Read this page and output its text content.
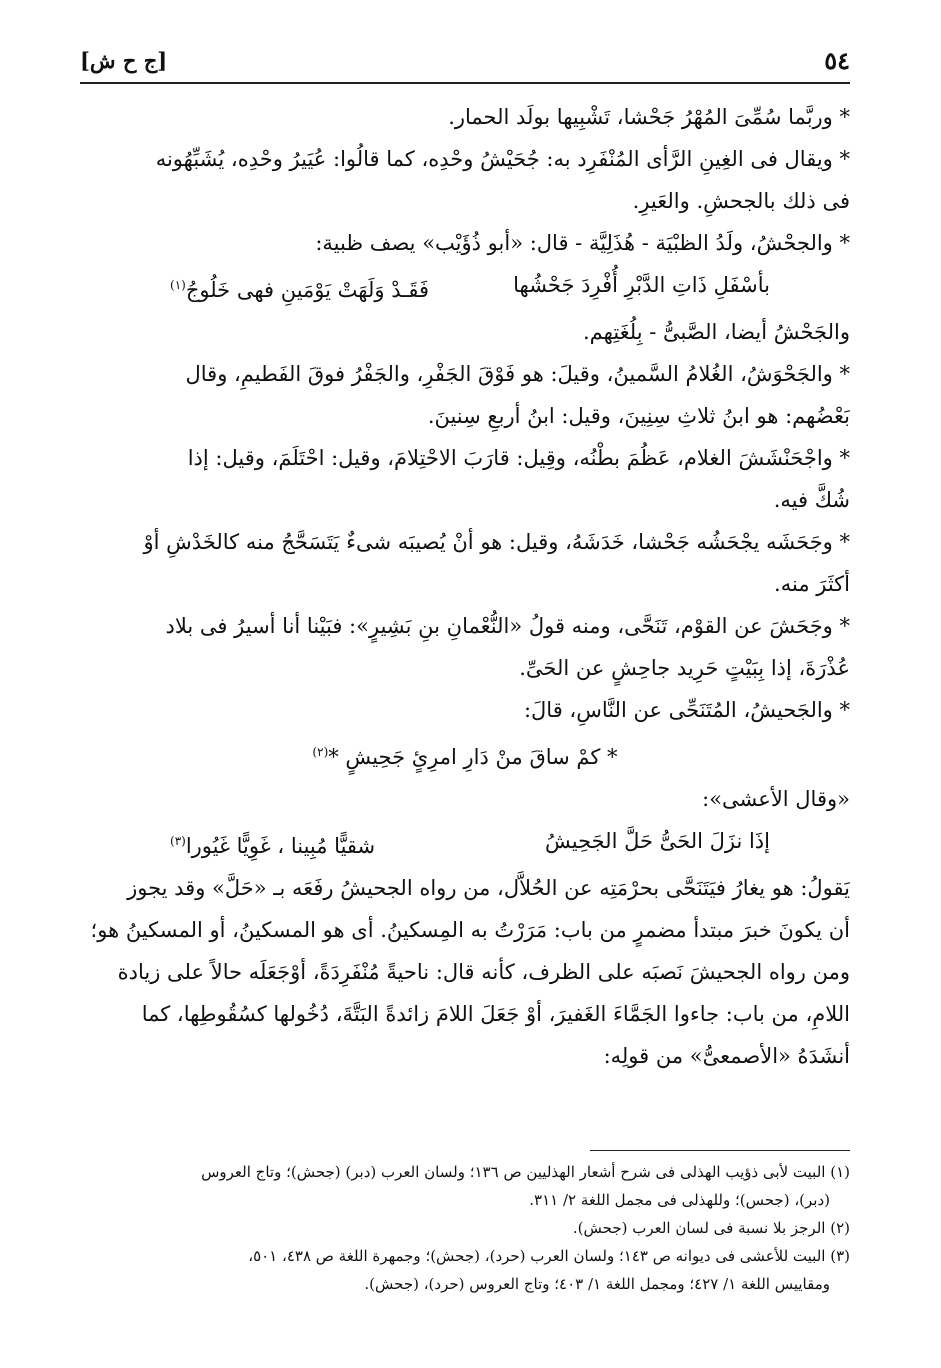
[ج ح ش]	٥٤
* وربَّما سُمِّىَ المُهْرُ جَحْشا، تَشْبِيها بولَد الحمار.
* ويقال فى الغِينِ الرَّأى المُنْفَرِد به: جُحَيْشُ وحْدِه، كما قالُوا: عُيَيرُ وحْدِه، يُشَبِّهُونه
فى ذلك بالجحشِ. والعَيرِ.
* والجحْشُ، ولَدُ الظبْيَة - هُذَلِيَّة - قال: «أبو ذُؤَيْب» يصف ظبية:
بأسْفَلِ ذَاتِ الدَّبْرِ أُفْرِدَ جَحْشُها
فَقَـدْ وَلَهَتْ يَوْمَينِ فهى خَلُوجُ$^{(١)}$
والجَحْشُ أيضا، الصَّبىُّ - بِلُغَتِهم.
* والجَحْوَشُ، الغُلامُ السَّمينُ، وقيلَ: هو فَوْقَ الجَفْرِ، والجَفْرُ فوقَ الفَطيمِ، وقال
بَعْضُهم: هو ابنُ ثلاثِ سِنِينَ، وقيل: ابنُ أربعِ سِنينَ.
* واجْحَنْشَشَ الغلام، عَظُمَ بطْنُه، وقِيل: قارَبَ الاحْتِلامَ، وقيل: احْتَلَمَ، وقيل: إذا
شُكَّ فيه.
* وجَحَشَه يجْحَشُه جَحْشا، خَدَشَهُ، وقيل: هو أنْ يُصيبَه شىءٌ يَتَسَحَّجُ منه كالخَدْشِ أوْ
أكثَرَ منه.
* وجَحَشَ عن القوْم، تَنَحَّى، ومنه قولُ «النُّعْمانِ بنِ بَشِيرٍ»: فبَيْنا أنا أسيرُ فى بلاد
عُذْرَةَ، إذا بِبَيْتٍ حَرِيد جاحِشٍ عن الحَىِّ.
* والجَحيشُ، المُتَنَحِّى عن النَّاسِ، قالَ:
* كمْ ساقَ منْ دَارِ امرِئٍ جَحِيشٍ *$^{(٢)}$
«وقال الأعشى»:
إذَا نزَلَ الحَىُّ حَلَّ الجَحِيشُ
شقيًّا مُبِينا ، غَوِيًّا غَيُورا$^{(٣)}$
يَقولُ: هو يغارُ فيَتَنَحَّى بحرْمَتِه عن الحُلاَّل، من رواه الجحيشُ رفَعَه بـ «حَلَّ» وقد يجوز
أن يكونَ خبرَ مبتدأ مضمرٍ من باب: مَرَرْتُ به المِسكينُ. أى هو المسكينُ، أو المسكينُ هو؛
ومن رواه الجحيشَ نَصبَه على الظرف، كأنه قال: ناحيةً مُنْفَرِدَةً، أوْجَعَلَه حالاً على زيادة
اللامِ، من باب: جاءوا الجَمَّاءَ الغَفيرَ، أوْ جَعَلَ اللامَ زائدةً البَتَّةَ، دُخُولها كسُقُوطِها، كما
أنشَدَهُ «الأصمعىُّ» من قولِه:
(١) البيت لأبى ذؤيب الهذلى فى شرح أشعار الهذليين ص ١٣٦؛ ولسان العرب (دبر) (جحش)؛ وتاج العروس
(دبر)، (جحس)؛ وللهذلى فى مجمل اللغة ٢/ ٣١١.
(٢) الرجز بلا نسبة فى لسان العرب (جحش).
(٣) البيت للأعشى فى ديوانه ص ١٤٣؛ ولسان العرب (حرد)، (جحش)؛ وجمهرة اللغة ص ٤٣٨، ٥٠١،
ومقاييس اللغة ١/ ٤٢٧؛ ومجمل اللغة ١/ ٤٠٣؛ وتاج العروس (حرد)، (جحش).
